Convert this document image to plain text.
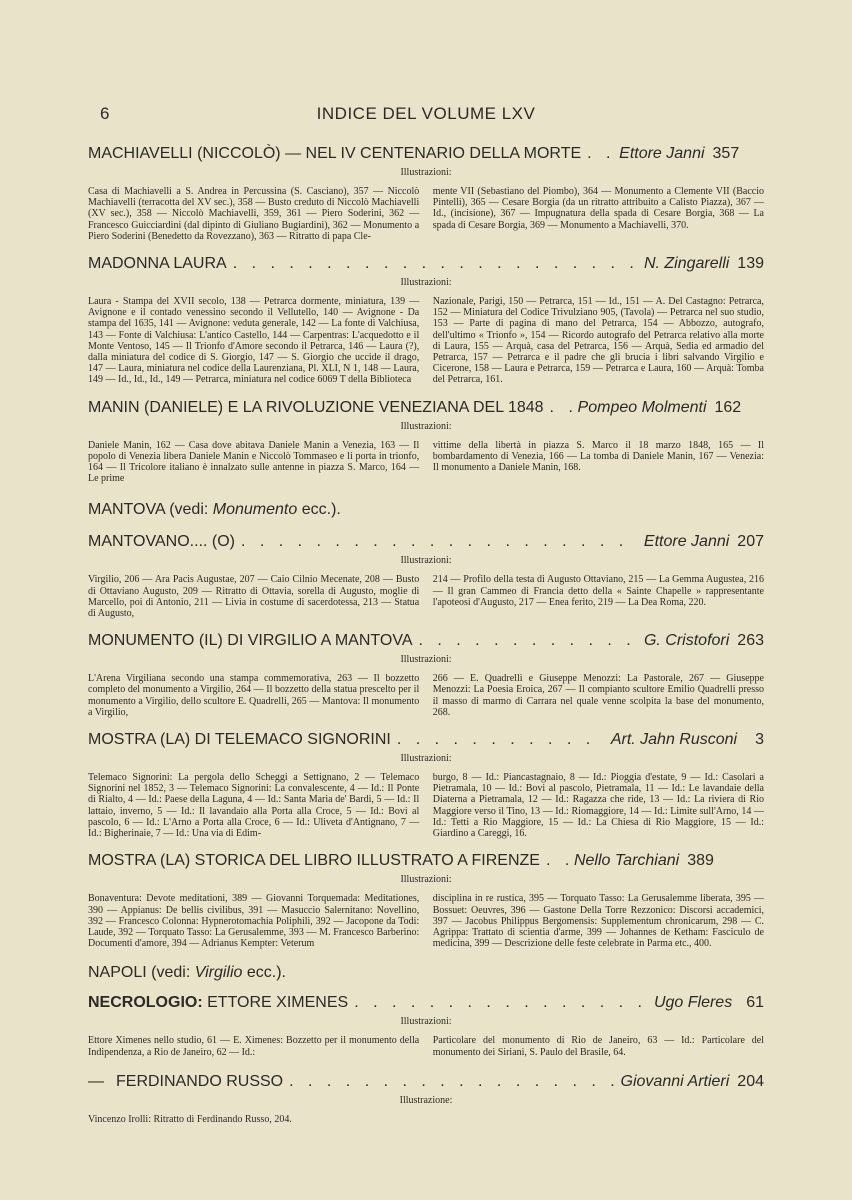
6	INDICE DEL VOLUME LXV
MACHIAVELLI (NICCOLÒ) — NEL IV CENTENARIO DELLA MORTE . . . Ettore Janni 357
Illustrazioni:
Casa di Machiavelli a S. Andrea in Percussina (S. Casciano), 357 — Niccolò Machiavelli (terracotta del XV sec.), 358 — Busto creduto di Niccolò Machiavelli (XV sec.), 358 — Niccolò Machiavelli, 359, 361 — Piero Soderini, 362 — Francesco Guicciardini (dal dipinto di Giuliano Bugiardini), 362 — Monumento a Piero Soderini (Benedetto da Rovezzano), 363 — Ritratto di papa Cle-
mente VII (Sebastiano del Piombo), 364 — Monumento a Clemente VII (Baccio Pintelli), 365 — Cesare Borgia (da un ritratto attribuito a Calisto Piazza), 367 — Id., (incisione), 367 — Impugnatura della spada di Cesare Borgia, 368 — La spada di Cesare Borgia, 369 — Monumento a Machiavelli, 370.
MADONNA LAURA . . .	N. Zingarelli 139
Illustrazioni:
Laura - Stampa del XVII secolo, 138 — Petrarca dormente, miniatura, 139 — Avignone e il contado venessino secondo il Vellutello, 140 — Avignone - Da stampa del 1635, 141 — Avignone: veduta generale, 142 — La fonte di Valchiusa, 143 — Fonte di Valchiusa: L'antico Castello, 144 — Carpentras: L'acquedotto e il Monte Ventoso, 145 — Il Trionfo d'Amore secondo il Petrarca, 146 — Laura (?), dalla miniatura del codice di S. Giorgio, 147 — S. Giorgio che uccide il drago, 147 — Laura, miniatura nel codice della Laurenziana, Pl. XLI, N 1, 148 — Laura, 149 — Id., Id., Id., 149 — Petrarca, miniatura nel codice 6069 T della Biblioteca
Nazionale, Parigi, 150 — Petrarca, 151 — Id., 151 — A. Del Castagno: Petrarca, 152 — Miniatura del Codice Trivulziano 905, (Tavola) — Petrarca nel suo studio, 153 — Parte di pagina di mano del Petrarca, 154 — Abbozzo, autografo, dell'ultimo « Trionfo », 154 — Ricordo autografo del Petrarca relativo alla morte di Laura, 155 — Arquà, casa del Petrarca, 156 — Arquà, Sedia ed armadio del Petrarca, 157 — Petrarca e il padre che gli brucia i libri salvando Virgilio e Cicerone, 158 — Laura e Petrarca, 159 — Petrarca e Laura, 160 — Arquà: Tomba del Petrarca, 161.
MANIN (DANIELE) E LA RIVOLUZIONE VENEZIANA DEL 1848 . . . Pompeo Molmenti 162
Illustrazioni:
Daniele Manin, 162 — Casa dove abitava Daniele Manin a Venezia, 163 — Il popolo di Venezia libera Daniele Manin e Niccolò Tommaseo e li porta in trionfo, 164 — Il Tricolore italiano è innalzato sulle antenne in piazza S. Marco, 164 — Le prime
vittime della libertà in piazza S. Marco il 18 marzo 1848, 165 — Il bombardamento di Venezia, 166 — La tomba di Daniele Manin, 167 — Venezia: Il monumento a Daniele Manin, 168.
MANTOVA (vedi: Monumento ecc.).
MANTOVANO.... (O) . . .	Ettore Janni 207
Illustrazioni:
Virgilio, 206 — Ara Pacis Augustae, 207 — Caio Cilnio Mecenate, 208 — Busto di Ottaviano Augusto, 209 — Ritratto di Ottavia, sorella di Augusto, moglie di Marcello, poi di Antonio, 211 — Livia in costume di sacerdotessa, 213 — Statua di Augusto,
214 — Profilo della testa di Augusto Ottaviano, 215 — La Gemma Augustea, 216 — Il gran Cammeo di Francia detto della « Sainte Chapelle » rappresentante l'apoteosi d'Augusto, 217 — Enea ferito, 219 — La Dea Roma, 220.
MONUMENTO (IL) DI VIRGILIO A MANTOVA . . .	G. Cristofori 263
Illustrazioni:
L'Arena Virgiliana secondo una stampa commemorativa, 263 — Il bozzetto completo del monumento a Virgilio, 264 — Il bozzetto della statua prescelto per il monumento a Virgilio, dello scultore E. Quadrelli, 265 — Mantova: Il monumento a Virgilio,
266 — E. Quadrelli e Giuseppe Menozzi: La Pastorale, 267 — Giuseppe Menozzi: La Poesia Eroica, 267 — Il compianto scultore Emilio Quadrelli presso il masso di marmo di Carrara nel quale venne scolpita la base del monumento, 268.
MOSTRA (LA) DI TELEMACO SIGNORINI . . .	Art. Jahn Rusconi 3
Illustrazioni:
Telemaco Signorini: La pergola dello Scheggi a Settignano, 2 — Telemaco Signorini nel 1852, 3 — Telemaco Signorini: La convalescente, 4 — Id.: Il Ponte di Rialto, 4 — Id.: Paese della Laguna, 4 — Id.: Santa Maria de' Bardi, 5 — Id.: Il lattaio, inverno, 5 — Id.: Il lavandaio alla Porta alla Croce, 5 — Id.: Bovi al pascolo, 6 — Id.: L'Arno a Porta alla Croce, 6 — Id.: Uliveta d'Antignano, 7 — Id.: Bigherinaie, 7 — Id.: Una via di Edim-
burgo, 8 — Id.: Piancastagnaio, 8 — Id.: Pioggia d'estate, 9 — Id.: Casolari a Pietramala, 10 — Id.: Bovi al pascolo, Pietramala, 11 — Id.: Le lavandaie della Diaterna a Pietramala, 12 — Id.: Ragazza che ride, 13 — Id.: La riviera di Rio Maggiore verso il Tino, 13 — Id.: Riomaggiore, 14 — Id.: Limite sull'Arno, 14 — Id.: Tetti a Rio Maggiore, 15 — Id.: La Chiesa di Rio Maggiore, 15 — Id.: Giardino a Careggi, 16.
MOSTRA (LA) STORICA DEL LIBRO ILLUSTRATO A FIRENZE . . . Nello Tarchiani 389
Illustrazioni:
Bonaventura: Devote meditationi, 389 — Giovanni Torquemada: Meditationes, 390 — Appianus: De bellis civilibus, 391 — Masuccio Salernitano: Novellino, 392 — Francesco Colonna: Hypnerotomachia Poliphili, 392 — Jacopone da Todi: Laude, 392 — Torquato Tasso: La Gerusalemme, 393 — M. Francesco Barberino: Documenti d'amore, 394 — Adrianus Kempter: Veterum
disciplina in re rustica, 395 — Torquato Tasso: La Gerusalemme liberata, 395 — Bossuet: Oeuvres, 396 — Gastone Della Torre Rezzonico: Discorsi accademici, 397 — Jacobus Philippus Bergomensis: Supplementum chronicarum, 298 — C. Agrippa: Trattato di scientia d'arme, 399 — Johannes de Ketham: Fasciculo de medicina, 399 — Descrizione delle feste celebrate in Parma etc., 400.
NAPOLI (vedi: Virgilio ecc.).
NECROLOGIO: ETTORE XIMENES . . .	Ugo Fleres 61
Illustrazioni:
Ettore Ximenes nello studio, 61 — E. Ximenes: Bozzetto per il monumento della Indipendenza, a Rio de Janeiro, 62 — Id.:
Particolare del monumento di Rio de Janeiro, 63 — Id.: Particolare del monumento dei Siriani, S. Paulo del Brasile, 64.
— FERDINANDO RUSSO . . .	Giovanni Artieri 204
Illustrazione:
Vincenzo Irolli: Ritratto di Ferdinando Russo, 204.
